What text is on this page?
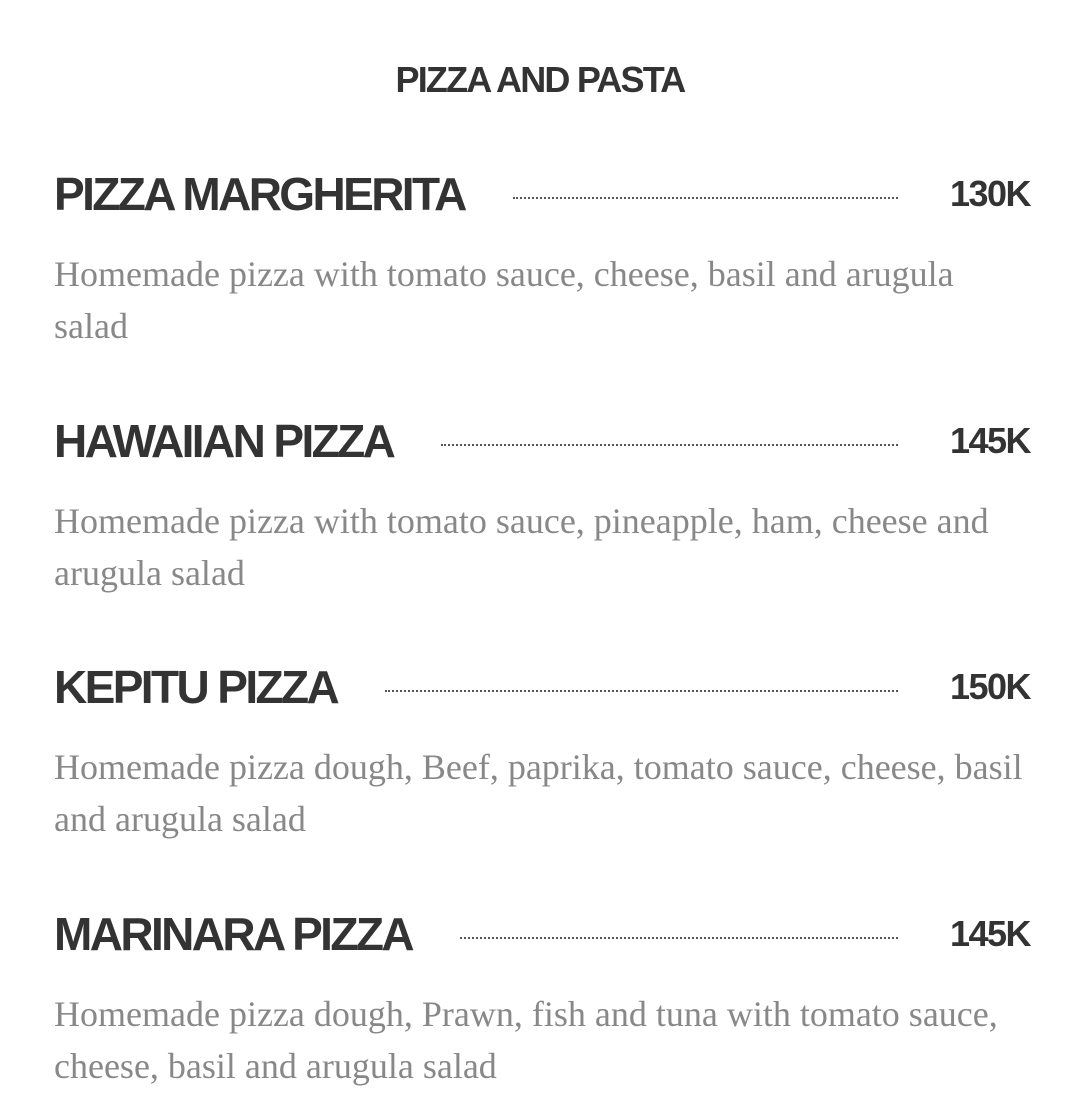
PIZZA AND PASTA
PIZZA MARGHERITA	130K
Homemade pizza with tomato sauce, cheese, basil and arugula salad
HAWAIIAN PIZZA	145K
Homemade pizza with tomato sauce, pineapple, ham, cheese and arugula salad
KEPITU PIZZA	150K
Homemade pizza dough, Beef, paprika, tomato sauce, cheese, basil and arugula salad
MARINARA PIZZA	145K
Homemade pizza dough, Prawn, fish and tuna with tomato sauce, cheese, basil and arugula salad
